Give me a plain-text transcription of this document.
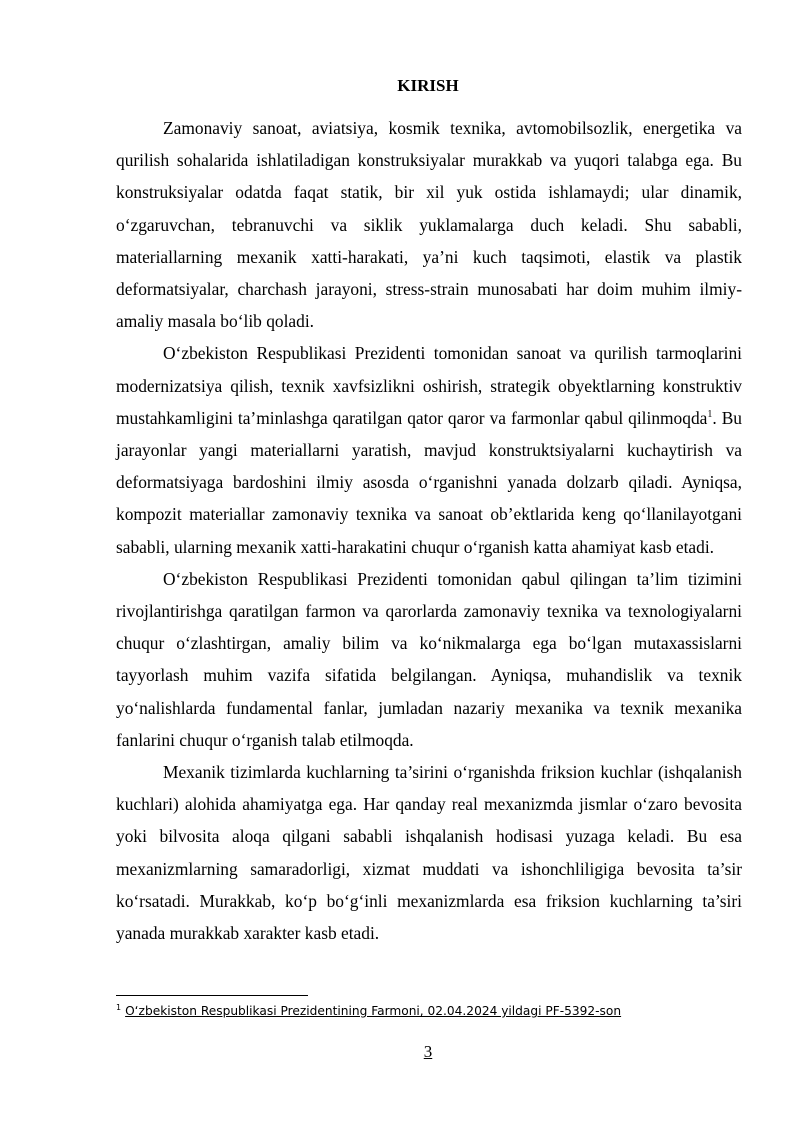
KIRISH

Zamonaviy sanoat, aviatsiya, kosmik texnika, avtomobilsozlik, energetika va qurilish sohalarida ishlatiladigan konstruksiyalar murakkab va yuqori talabga ega. Bu konstruksiyalar odatda faqat statik, bir xil yuk ostida ishlamaydi; ular dinamik, o‘zgaruvchan, tebranuvchi va siklik yuklamalarga duch keladi. Shu sababli, materiallarning mexanik xatti-harakati, ya’ni kuch taqsimoti, elastik va plastik deformatsiyalar, charchash jarayoni, stress-strain munosabati har doim muhim ilmiy-amaliy masala bo‘lib qoladi.

O‘zbekiston Respublikasi Prezidenti tomonidan sanoat va qurilish tarmoqlarini modernizatsiya qilish, texnik xavfsizlikni oshirish, strategik obyektlarning konstruktiv mustahkamligini ta’minlashga qaratilgan qator qaror va farmonlar qabul qilinmoqda$^1$. Bu jarayonlar yangi materiallarni yaratish, mavjud konstruktsiyalarni kuchaytirish va deformatsiyaga bardoshini ilmiy asosda o‘rganishni yanada dolzarb qiladi. Ayniqsa, kompozit materiallar zamonaviy texnika va sanoat ob’ektlarida keng qo‘llanilayotgani sababli, ularning mexanik xatti-harakatini chuqur o‘rganish katta ahamiyat kasb etadi.

O‘zbekiston Respublikasi Prezidenti tomonidan qabul qilingan ta’lim tizimini rivojlantirishga qaratilgan farmon va qarorlarda zamonaviy texnika va texnologiyalarni chuqur o‘zlashtirgan, amaliy bilim va ko‘nikmalarga ega bo‘lgan mutaxassislarni tayyorlash muhim vazifa sifatida belgilangan. Ayniqsa, muhandislik va texnik yo‘nalishlarda fundamental fanlar, jumladan nazariy mexanika va texnik mexanika fanlarini chuqur o‘rganish talab etilmoqda.

Mexanik tizimlarda kuchlarning ta’sirini o‘rganishda friksion kuchlar (ishqalanish kuchlari) alohida ahamiyatga ega. Har qanday real mexanizmda jismlar o‘zaro bevosita yoki bilvosita aloqa qilgani sababli ishqalanish hodisasi yuzaga keladi. Bu esa mexanizmlarning samaradorligi, xizmat muddati va ishonchliligiga bevosita ta’sir ko‘rsatadi. Murakkab, ko‘p bo‘g‘inli mexanizmlarda esa friksion kuchlarning ta’siri yanada murakkab xarakter kasb etadi.

$^1$ O‘zbekiston Respublikasi Prezidentining Farmoni, 02.04.2024 yildagi PF-5392-son
3
